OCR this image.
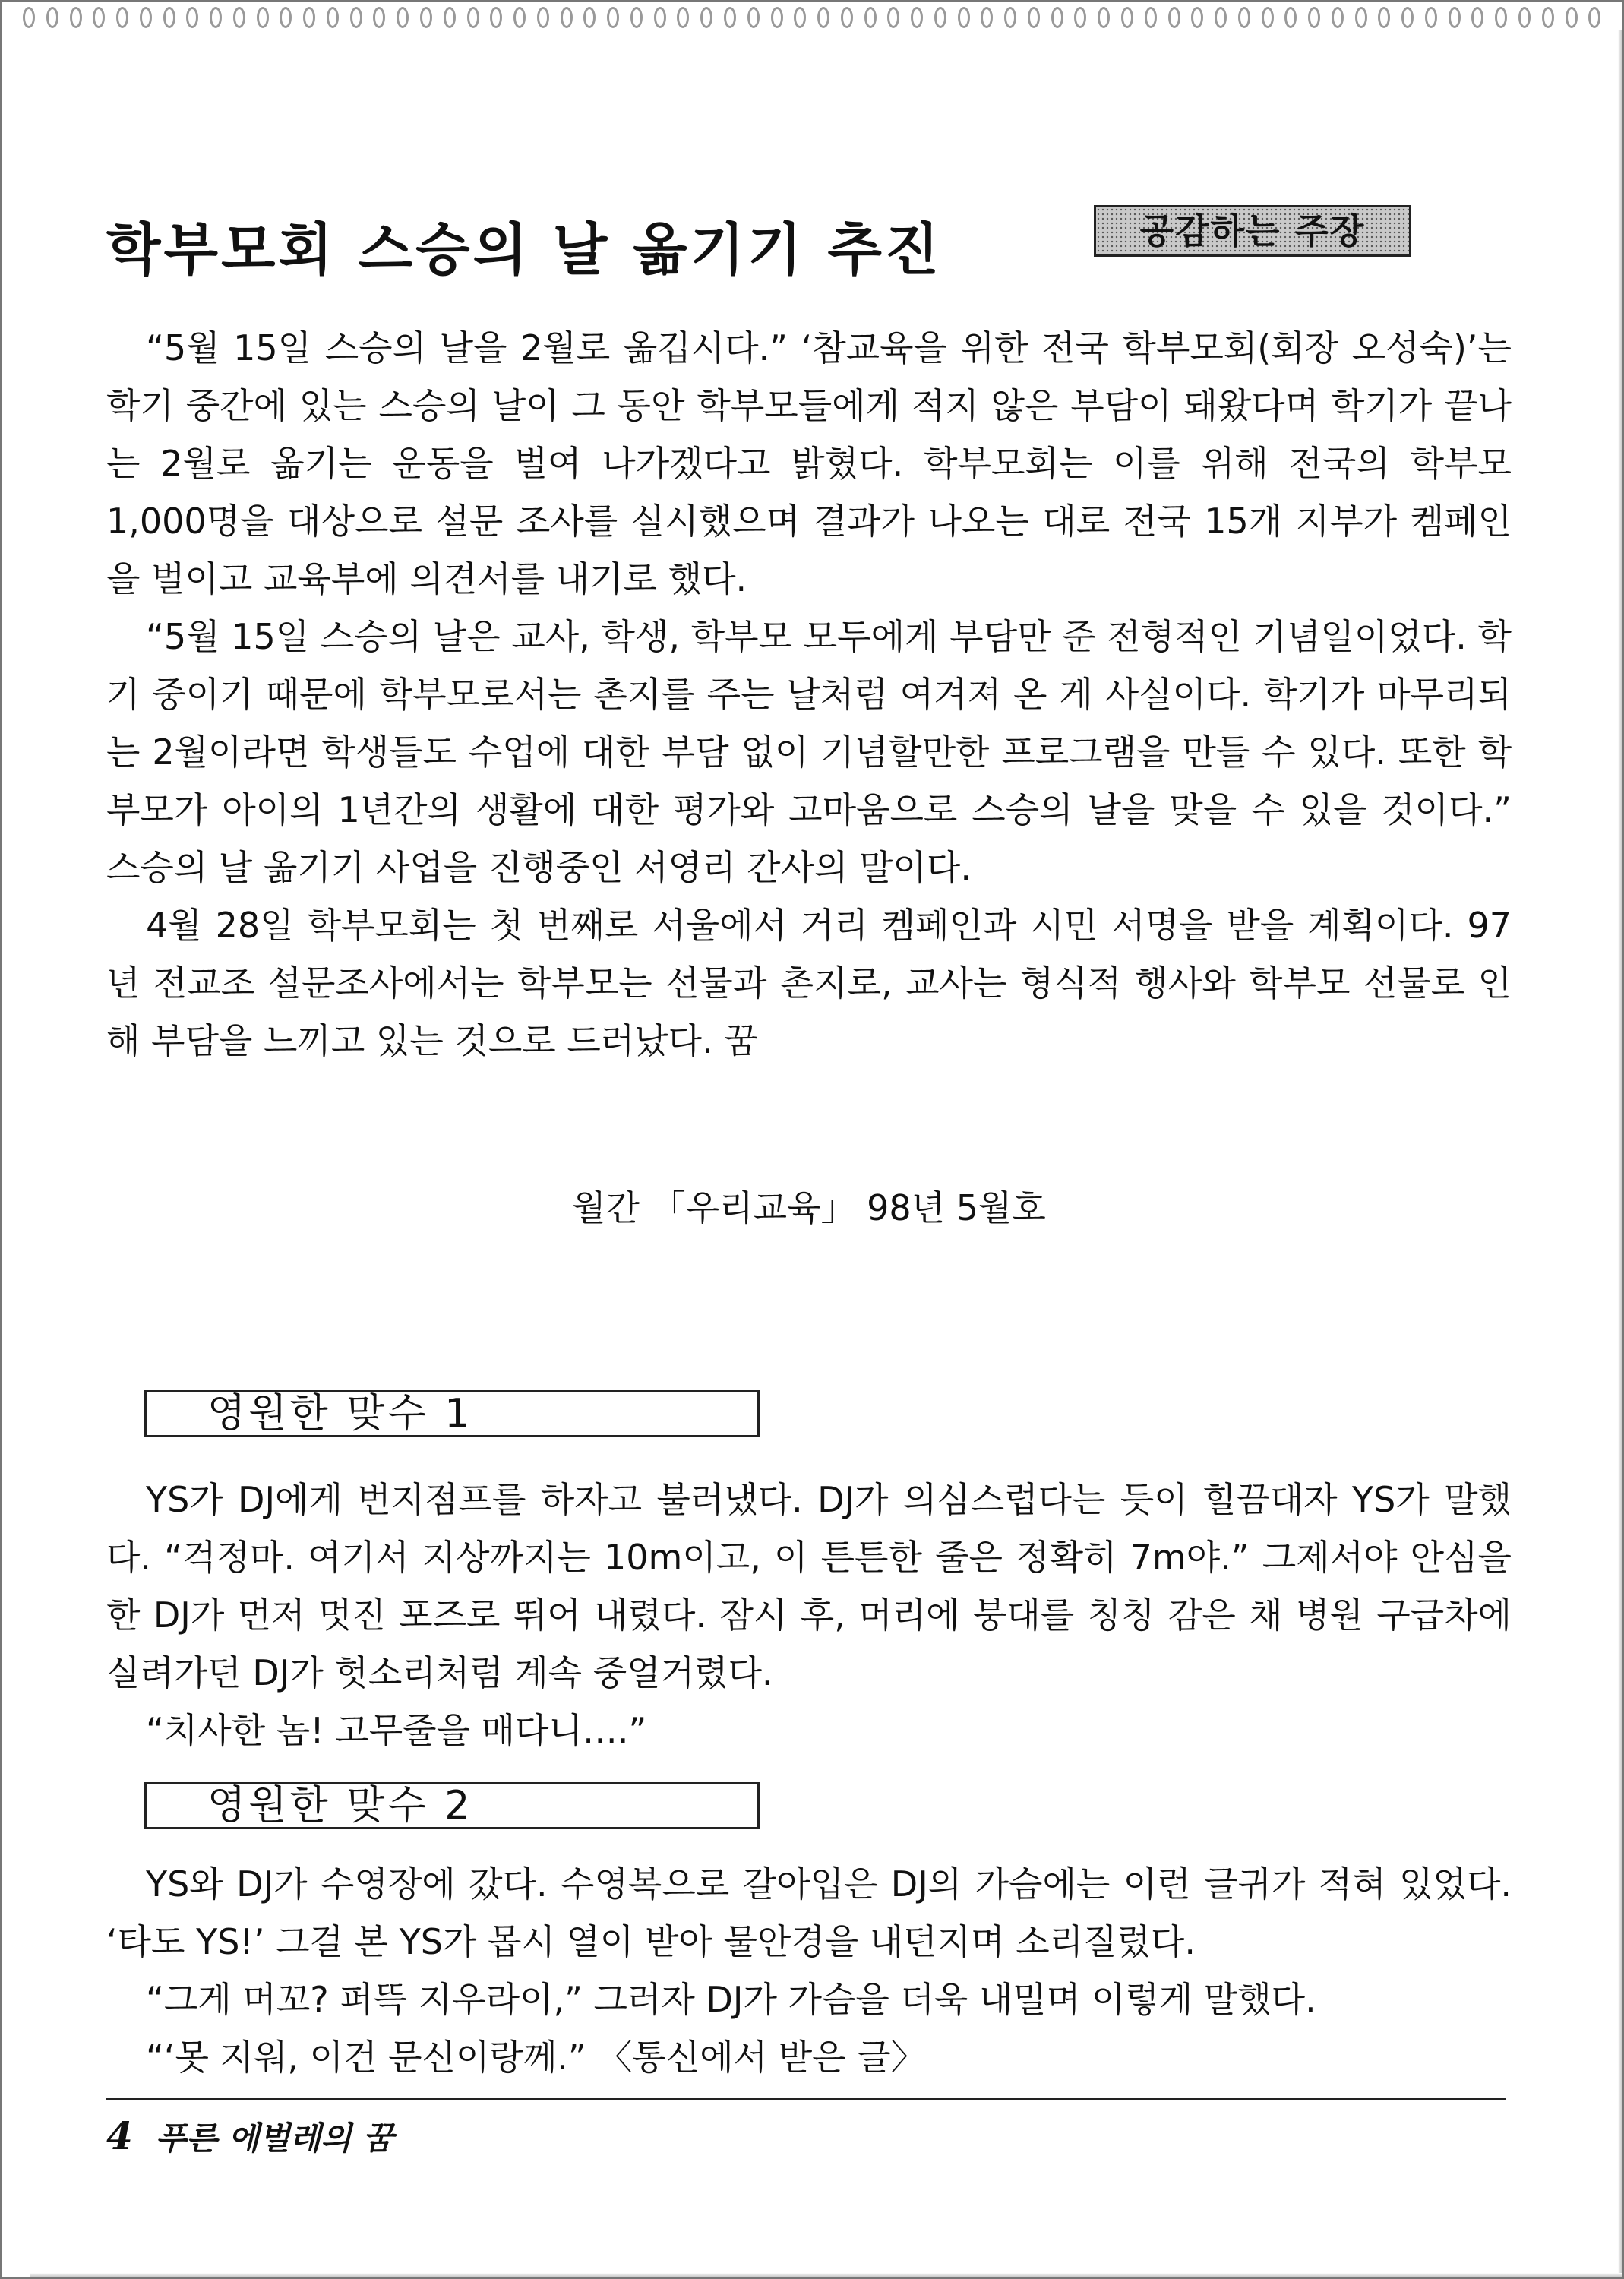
학부모회 스승의 날 옮기기 추진	공감하는 주장

“5월 15일 스승의 날을 2월로 옮깁시다.” ‘참교육을 위한 전국 학부모회(회장 오성숙)’는 학기 중간에 있는 스승의 날이 그 동안 학부모들에게 적지 않은 부담이 돼왔다며 학기가 끝나는 2월로 옮기는 운동을 벌여 나가겠다고 밝혔다. 학부모회는 이를 위해 전국의 학부모 1,000명을 대상으로 설문 조사를 실시했으며 결과가 나오는 대로 전국 15개 지부가 켐페인을 벌이고 교육부에 의견서를 내기로 했다.

“5월 15일 스승의 날은 교사, 학생, 학부모 모두에게 부담만 준 전형적인 기념일이었다. 학기 중이기 때문에 학부모로서는 촌지를 주는 날처럼 여겨져 온 게 사실이다. 학기가 마무리되는 2월이라면 학생들도 수업에 대한 부담 없이 기념할만한 프로그램을 만들 수 있다. 또한 학부모가 아이의 1년간의 생활에 대한 평가와 고마움으로 스승의 날을 맞을 수 있을 것이다.” 스승의 날 옮기기 사업을 진행중인 서영리 간사의 말이다.

4월 28일 학부모회는 첫 번째로 서울에서 거리 켐페인과 시민 서명을 받을 계획이다. 97년 전교조 설문조사에서는 학부모는 선물과 촌지로, 교사는 형식적 행사와 학부모 선물로 인해 부담을 느끼고 있는 것으로 드러났다. 꿈

월간 「우리교육」 98년 5월호
영원한 맞수 1

YS가 DJ에게 번지점프를 하자고 불러냈다. DJ가 의심스럽다는 듯이 힐끔대자 YS가 말했다. “걱정마. 여기서 지상까지는 10m이고, 이 튼튼한 줄은 정확히 7m야.” 그제서야 안심을 한 DJ가 먼저 멋진 포즈로 뛰어 내렸다. 잠시 후, 머리에 붕대를 칭칭 감은 채 병원 구급차에 실려가던 DJ가 헛소리처럼 계속 중얼거렸다.

“치사한 놈! 고무줄을 매다니….”

영원한 맞수 2

YS와 DJ가 수영장에 갔다. 수영복으로 갈아입은 DJ의 가슴에는 이런 글귀가 적혀 있었다. ‘타도 YS!’ 그걸 본 YS가 몹시 열이 받아 물안경을 내던지며 소리질렀다.

“그게 머꼬? 퍼뜩 지우라이,” 그러자 DJ가 가슴을 더욱 내밀며 이렇게 말했다.

“‘못 지워, 이건 문신이랑께.” 〈통신에서 받은 글〉

4 푸른 에벌레의 꿈
